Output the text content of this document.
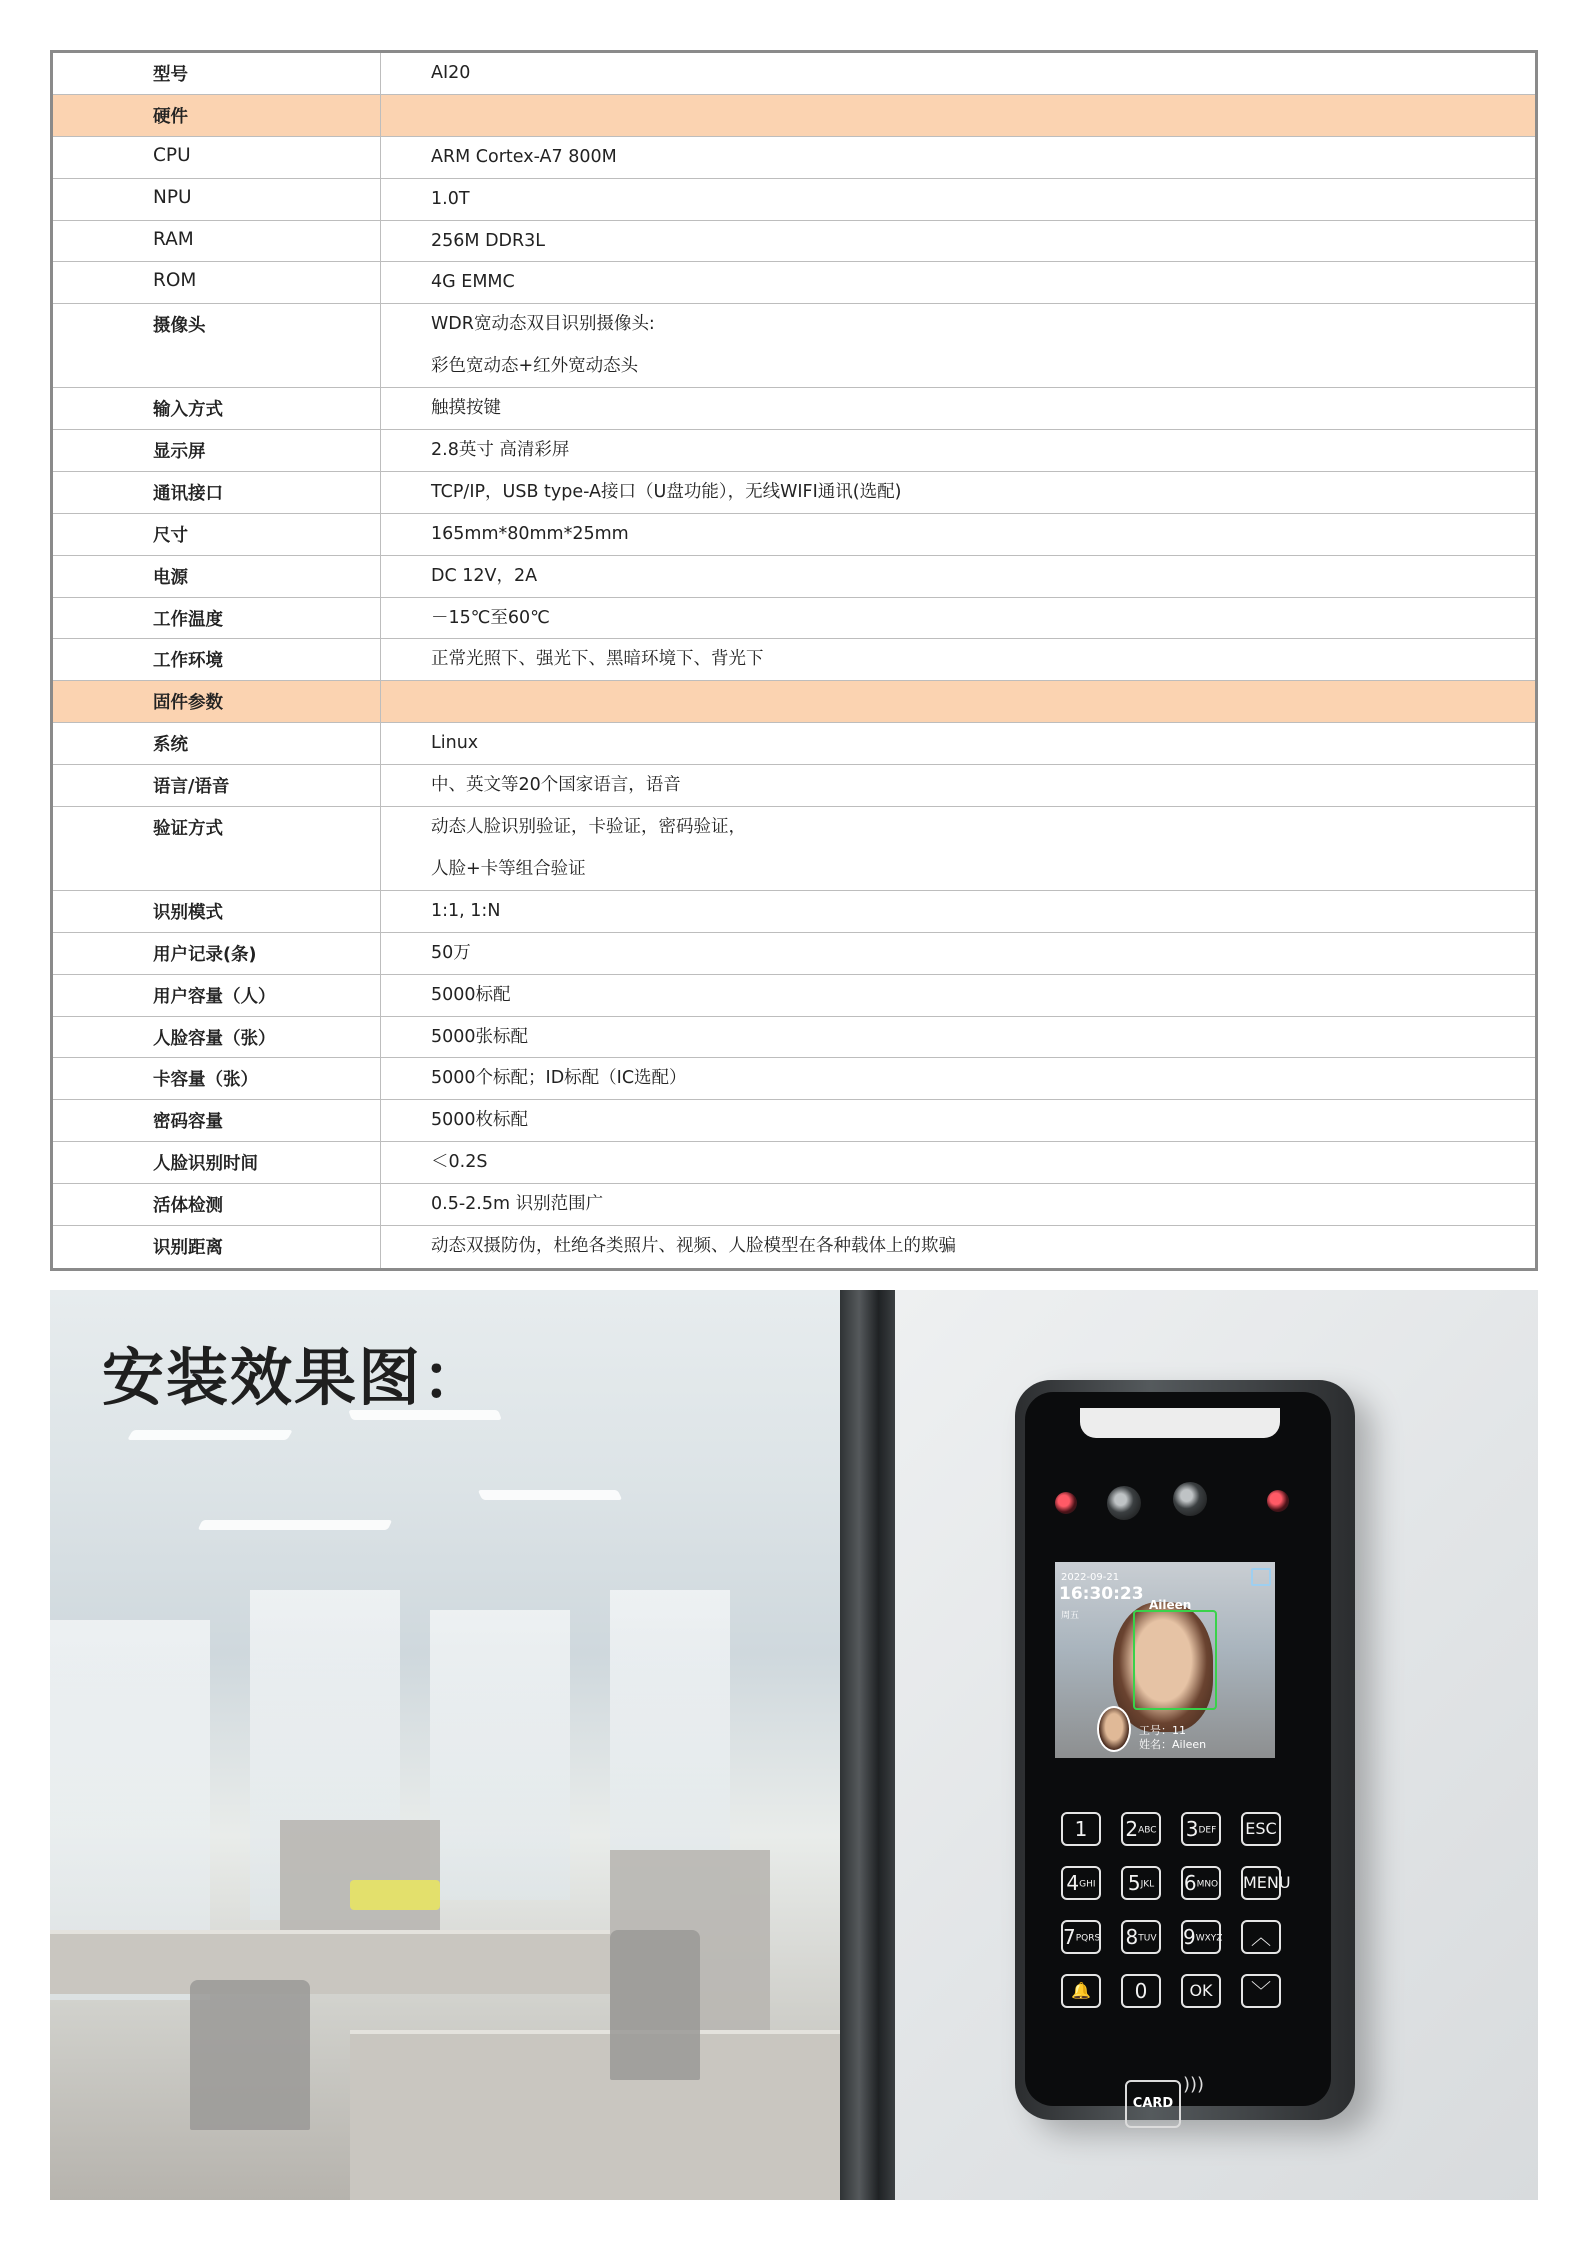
型号	AI20
硬件
CPU	ARM Cortex-A7 800M
NPU	1.0T
RAM	256M DDR3L
ROM	4G EMMC
摄像头	WDR宽动态双目识别摄像头:
彩色宽动态+红外宽动态头
输入方式	触摸按键
显示屏	2.8英寸 高清彩屏
通讯接口	TCP/IP，USB type-A接口（U盘功能），无线WIFI通讯(选配)
尺寸	165mm*80mm*25mm
电源	DC 12V，2A
工作温度	－15℃至60℃
工作环境	正常光照下、强光下、黑暗环境下、背光下
固件参数
系统	Linux
语言/语音	中、英文等20个国家语言，语音
验证方式	动态人脸识别验证，卡验证，密码验证，
人脸+卡等组合验证
识别模式	1:1, 1:N
用户记录(条)	50万
用户容量（人）	5000标配
人脸容量（张）	5000张标配
卡容量（张）	5000个标配；ID标配（IC选配）
密码容量	5000枚标配
人脸识别时间	＜0.2S
活体检测	0.5-2.5m 识别范围广
识别距离	动态双摄防伪，杜绝各类照片、视频、人脸模型在各种载体上的欺骗
安装效果图：
2022-09-21
16:30:23
周五
Aileen
工号：11
姓名：Aileen
1	2ABC 3DEF ESC
4GHI	5JKL	6MNO MENU
7PQRS 8TUV 9WXYZ	︿
🔔	0	OK	﹀
CARD
)))
